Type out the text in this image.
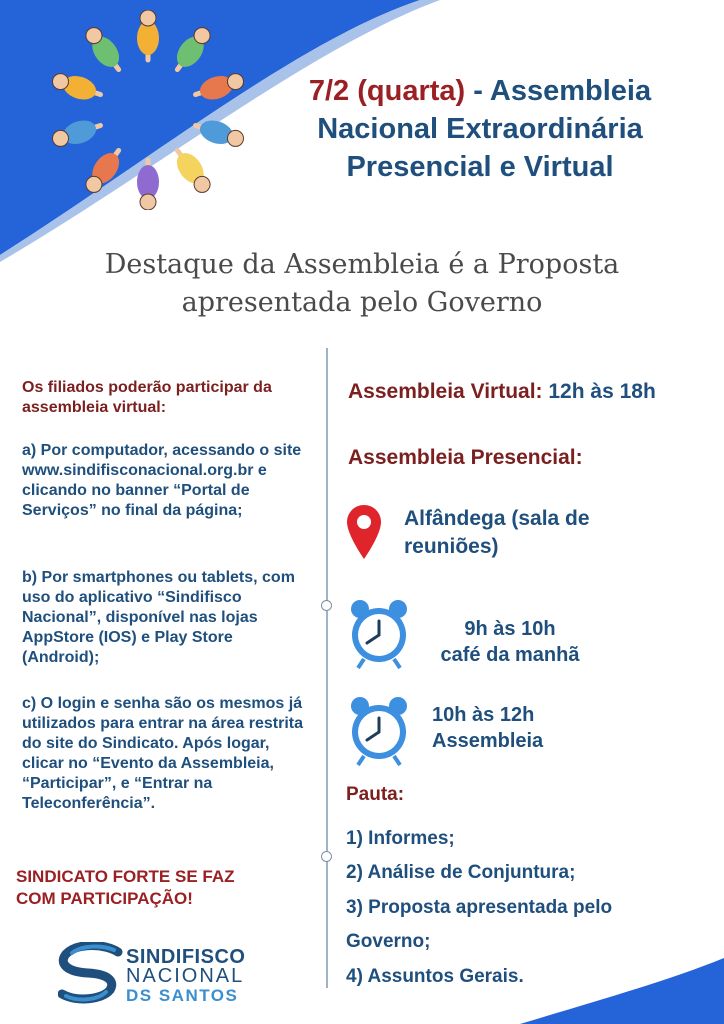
7/2 (quarta) - Assembleia
Nacional Extraordinária
Presencial e Virtual
Destaque da Assembleia é a Proposta
apresentada pelo Governo

Os filiados poderão participar da assembleia virtual:

a) Por computador, acessando o site www.sindifisconacional.org.br e clicando no banner “Portal de Serviços” no final da página;

b) Por smartphones ou tablets, com uso do aplicativo “Sindifisco Nacional”, disponível nas lojas AppStore (IOS) e Play Store (Android);

c) O login e senha são os mesmos já utilizados para entrar na área restrita do site do Sindicato. Após logar, clicar no “Evento da Assembleia, “Participar”, e “Entrar na Teleconferência”.

SINDICATO FORTE SE FAZ
COM PARTICIPAÇÃO!
Assembleia Virtual: 12h às 18h
Assembleia Presencial:
Alfândega (sala de
reuniões)
9h às 10h
café da manhã
10h às 12h
Assembleia
Pauta:
1) Informes;
2) Análise de Conjuntura;
3) Proposta apresentada pelo
Governo;
4) Assuntos Gerais.
SINDIFISCO
NACIONAL
DS SANTOS
